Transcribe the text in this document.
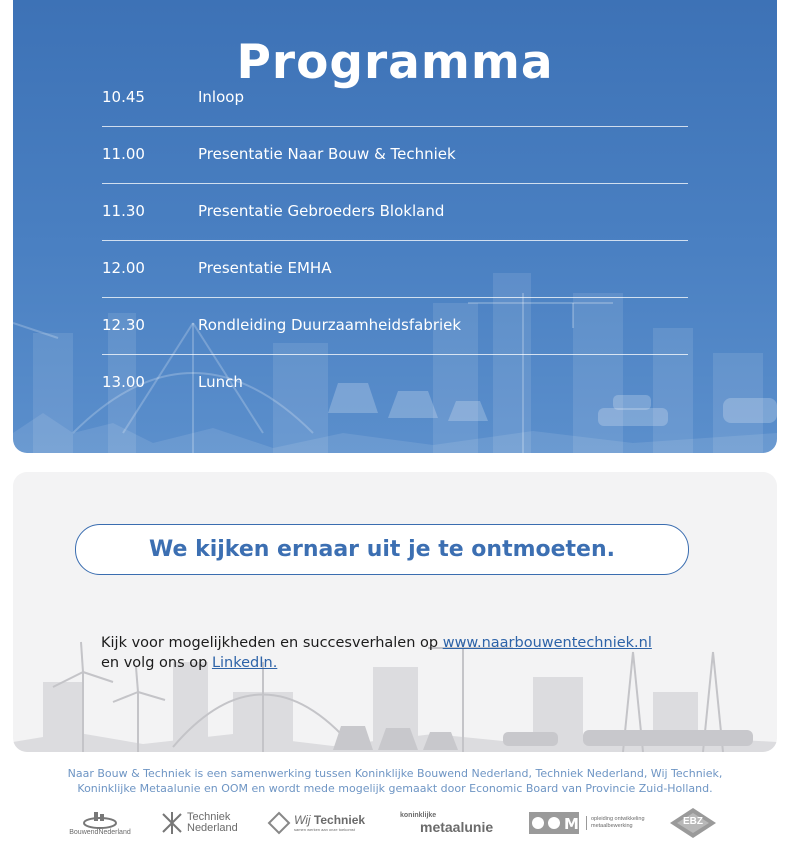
Programma
10.45	Inloop
11.00	Presentatie Naar Bouw & Techniek
11.30	Presentatie Gebroeders Blokland
12.00	Presentatie EMHA
12.30	Rondleiding Duurzaamheidsfabriek
13.00	Lunch
We kijken ernaar uit je te ontmoeten.
Kijk voor mogelijkheden en succesverhalen op www.naarbouwentechniek.nl
en volg ons op LinkedIn.
Naar Bouw & Techniek is een samenwerking tussen Koninklijke Bouwend Nederland, Techniek Nederland, Wij Techniek, Koninklijke Metaalunie en OOM en wordt mede mogelijk gemaakt door Economic Board van Provincie Zuid-Holland.
BouwendNederland
Techniek
Nederland
Wij Techniek
samen werken aan onze toekomst
koninklijke
metaalunie	M	opleiding ontwikkeling metaalbewerking	EBZ
